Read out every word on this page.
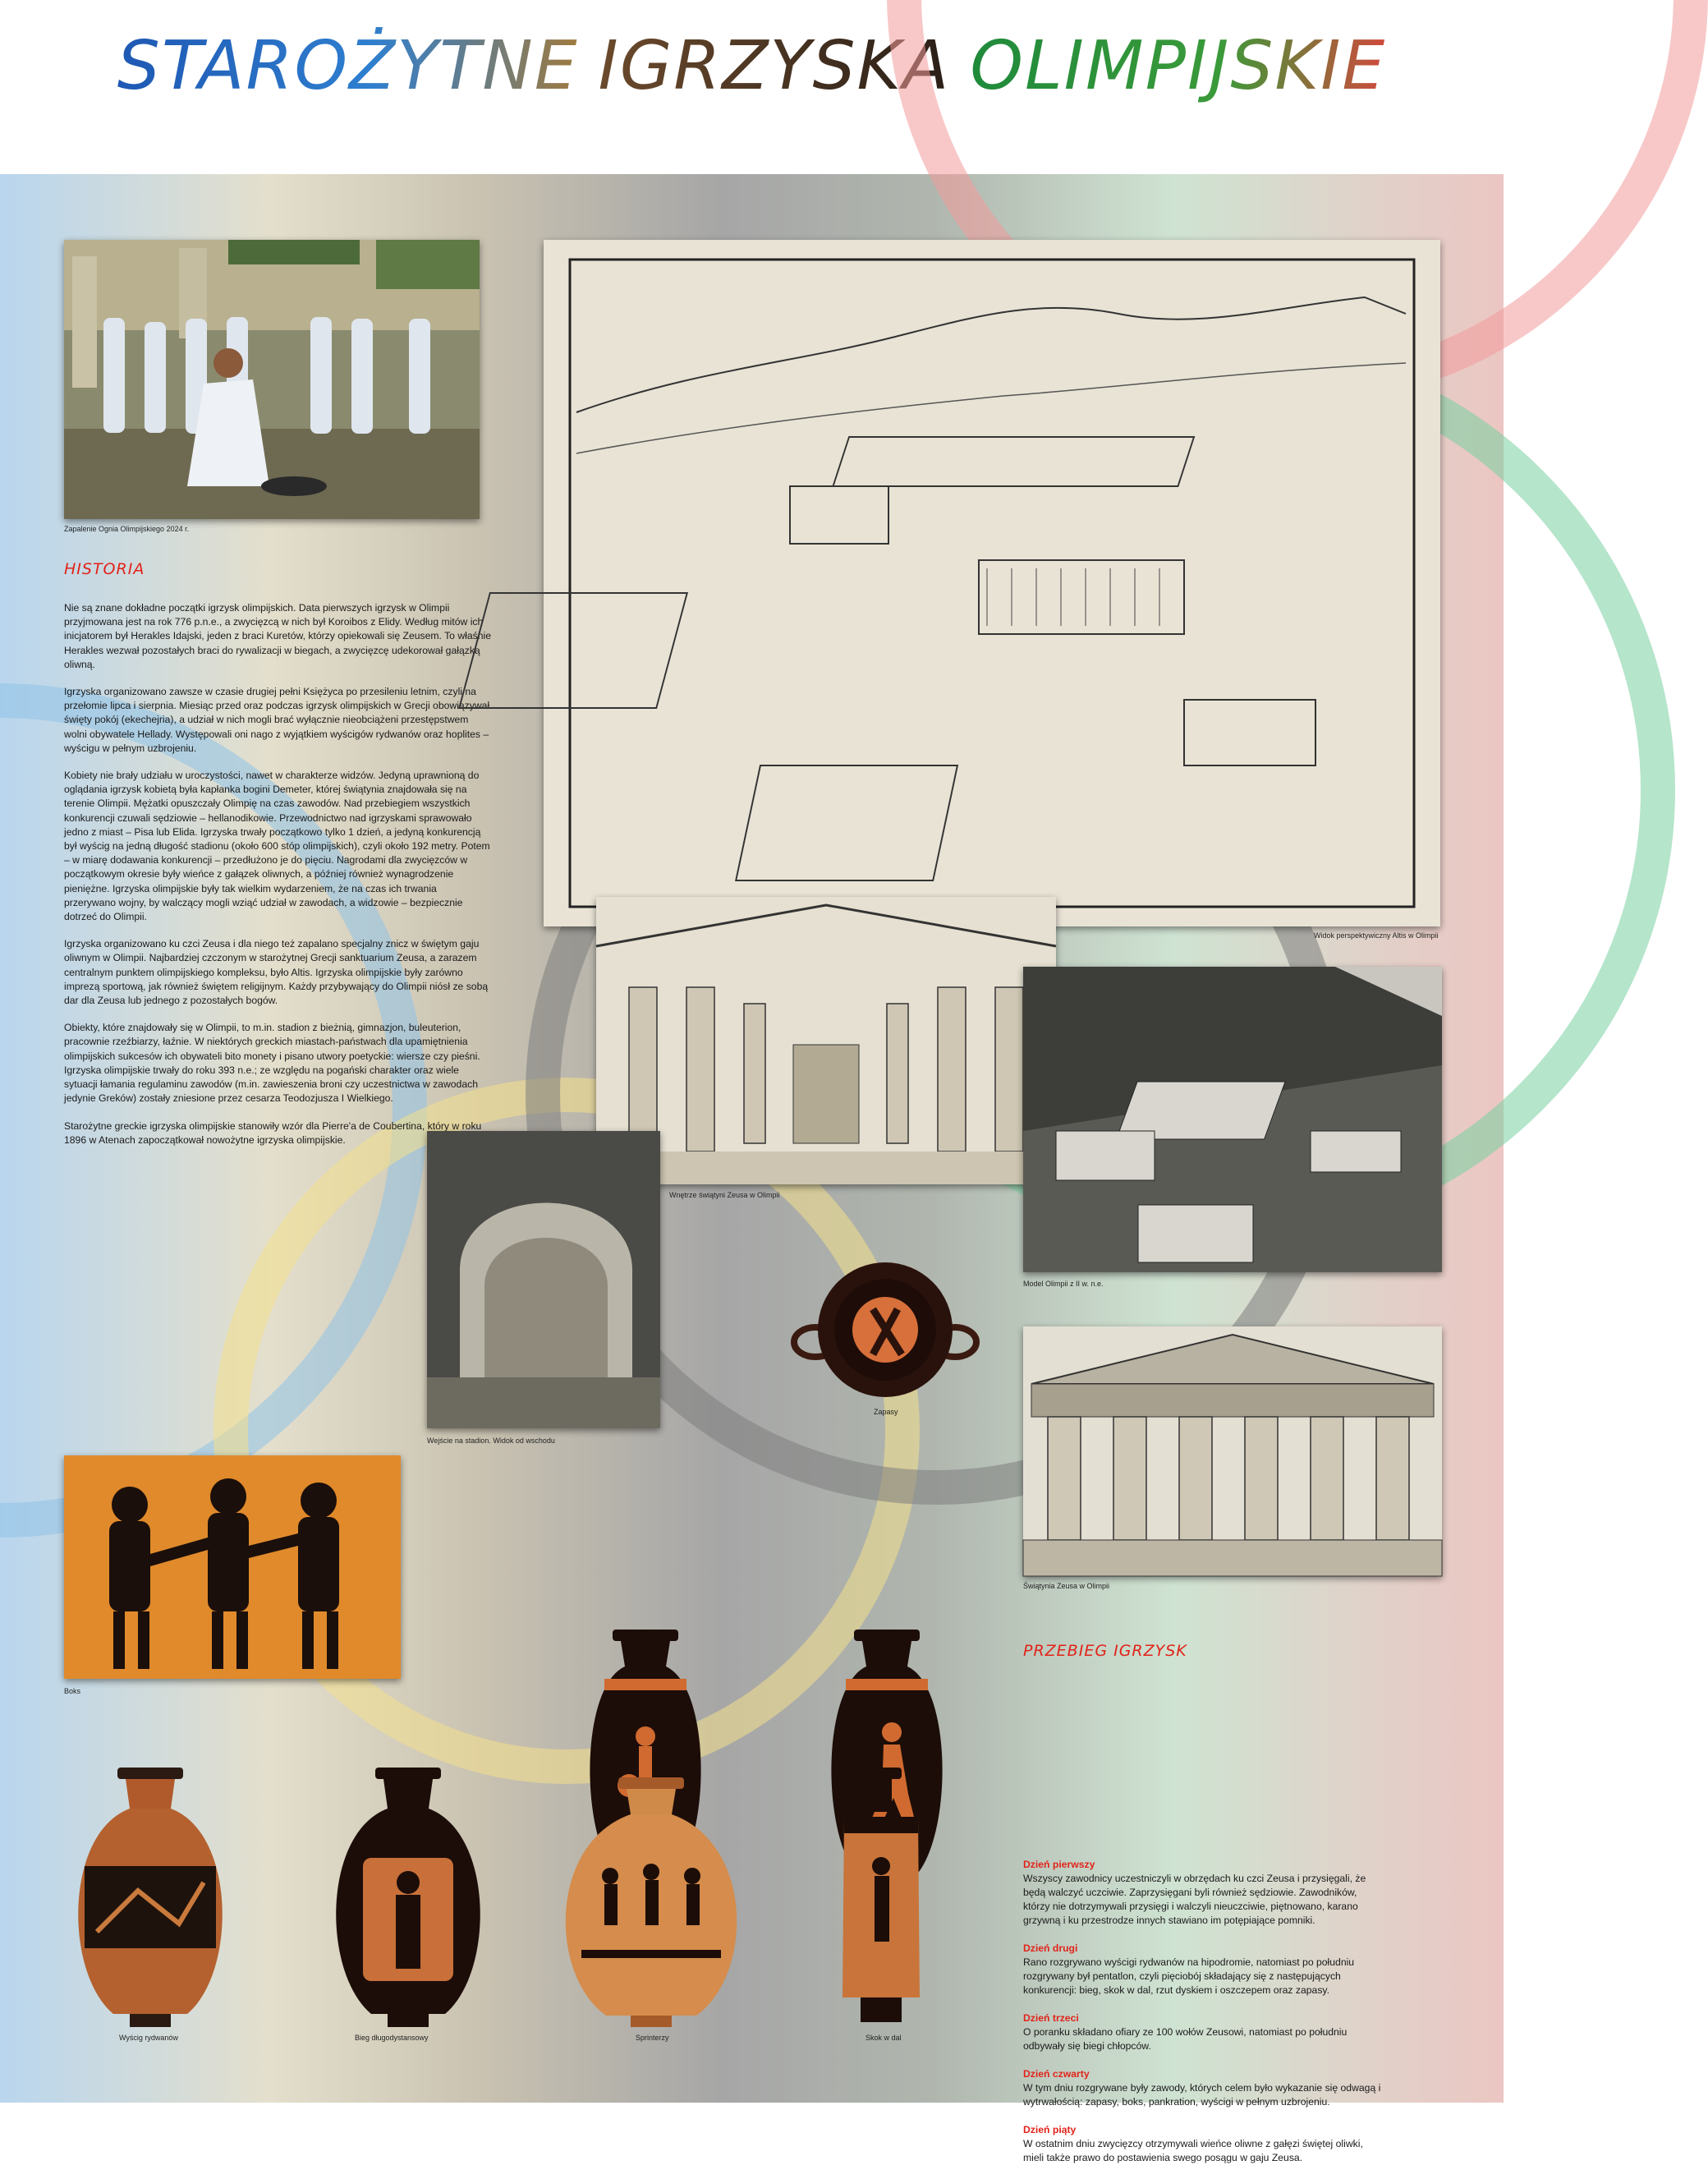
STAROŻYTNE IGRZYSKA OLIMPIJSKIE
Zapalenie Ognia Olimpijskiego 2024 r.
HISTORIA

Nie są znane dokładne początki igrzysk olimpijskich. Data pierwszych igrzysk w Olimpii przyjmowana jest na rok 776 p.n.e., a zwycięzcą w nich był Koroibos z Elidy. Według mitów ich inicjatorem był Herakles Idajski, jeden z braci Kuretów, którzy opiekowali się Zeusem. To właśnie Herakles wezwał pozostałych braci do rywalizacji w biegach, a zwycięzcę udekorował gałązką oliwną.

Igrzyska organizowano zawsze w czasie drugiej pełni Księżyca po przesileniu letnim, czyli na przełomie lipca i sierpnia. Miesiąc przed oraz podczas igrzysk olimpijskich w Grecji obowiązywał święty pokój (ekechejria), a udział w nich mogli brać wyłącznie nieobciążeni przestępstwem wolni obywatele Hellady. Występowali oni nago z wyjątkiem wyścigów rydwanów oraz hoplites – wyścigu w pełnym uzbrojeniu.

Kobiety nie brały udziału w uroczystości, nawet w charakterze widzów. Jedyną uprawnioną do oglądania igrzysk kobietą była kapłanka bogini Demeter, której świątynia znajdowała się na terenie Olimpii. Mężatki opuszczały Olimpię na czas zawodów. Nad przebiegiem wszystkich konkurencji czuwali sędziowie – hellanodikowie. Przewodnictwo nad igrzyskami sprawowało jedno z miast – Pisa lub Elida. Igrzyska trwały początkowo tylko 1 dzień, a jedyną konkurencją był wyścig na jedną długość stadionu (około 600 stóp olimpijskich), czyli około 192 metry. Potem – w miarę dodawania konkurencji – przedłużono je do pięciu. Nagrodami dla zwycięzców w początkowym okresie były wieńce z gałązek oliwnych, a później również wynagrodzenie pieniężne. Igrzyska olimpijskie były tak wielkim wydarzeniem, że na czas ich trwania przerywano wojny, by walczący mogli wziąć udział w zawodach, a widzowie – bezpiecznie dotrzeć do Olimpii.

Igrzyska organizowano ku czci Zeusa i dla niego też zapalano specjalny znicz w świętym gaju oliwnym w Olimpii. Najbardziej czczonym w starożytnej Grecji sanktuarium Zeusa, a zarazem centralnym punktem olimpijskiego kompleksu, było Altis. Igrzyska olimpijskie były zarówno imprezą sportową, jak również świętem religijnym. Każdy przybywający do Olimpii niósł ze sobą dar dla Zeusa lub jednego z pozostałych bogów.

Obiekty, które znajdowały się w Olimpii, to m.in. stadion z bieżnią, gimnazjon, buleuterion, pracownie rzeźbiarzy, łaźnie. W niektórych greckich miastach-państwach dla upamiętnienia olimpijskich sukcesów ich obywateli bito monety i pisano utwory poetyckie: wiersze czy pieśni. Igrzyska olimpijskie trwały do roku 393 n.e.; ze względu na pogański charakter oraz wiele sytuacji łamania regulaminu zawodów (m.in. zawieszenia broni czy uczestnictwa w zawodach jedynie Greków) zostały zniesione przez cesarza Teodozjusza I Wielkiego.

Starożytne greckie igrzyska olimpijskie stanowiły wzór dla Pierre'a de Coubertina, który w roku 1896 w Atenach zapoczątkował nowożytne igrzyska olimpijskie.

Widok perspektywiczny Altis w Olimpii
Wnętrze świątyni Zeusa w Olimpii
Model Olimpii z II w. n.e.
Wejście na stadion. Widok od wschodu
Zapasy
Świątynia Zeusa w Olimpii
PRZEBIEG IGRZYSK
Dzień pierwszy
Wszyscy zawodnicy uczestniczyli w obrzędach ku czci Zeusa i przysięgali, że będą walczyć uczciwie. Zaprzysięgani byli również sędziowie. Zawodników, którzy nie dotrzymywali przysięgi i walczyli nieuczciwie, piętnowano, karano grzywną i ku przestrodze innych stawiano im potępiające pomniki.
Dzień drugi
Rano rozgrywano wyścigi rydwanów na hipodromie, natomiast po południu rozgrywany był pentatlon, czyli pięciobój składający się z następujących konkurencji: bieg, skok w dal, rzut dyskiem i oszczepem oraz zapasy.
Dzień trzeci
O poranku składano ofiary ze 100 wołów Zeusowi, natomiast po południu odbywały się biegi chłopców.
Dzień czwarty
W tym dniu rozgrywane były zawody, których celem było wykazanie się odwagą i wytrwałością: zapasy, boks, pankration, wyścigi w pełnym uzbrojeniu.
Dzień piąty
W ostatnim dniu zwycięzcy otrzymywali wieńce oliwne z gałęzi świętej oliwki, mieli także prawo do postawienia swego posągu w gaju Zeusa.
Boks
Wyścig rydwanów	Bieg długodystansowy	Sprinterzy	Skok w dal
